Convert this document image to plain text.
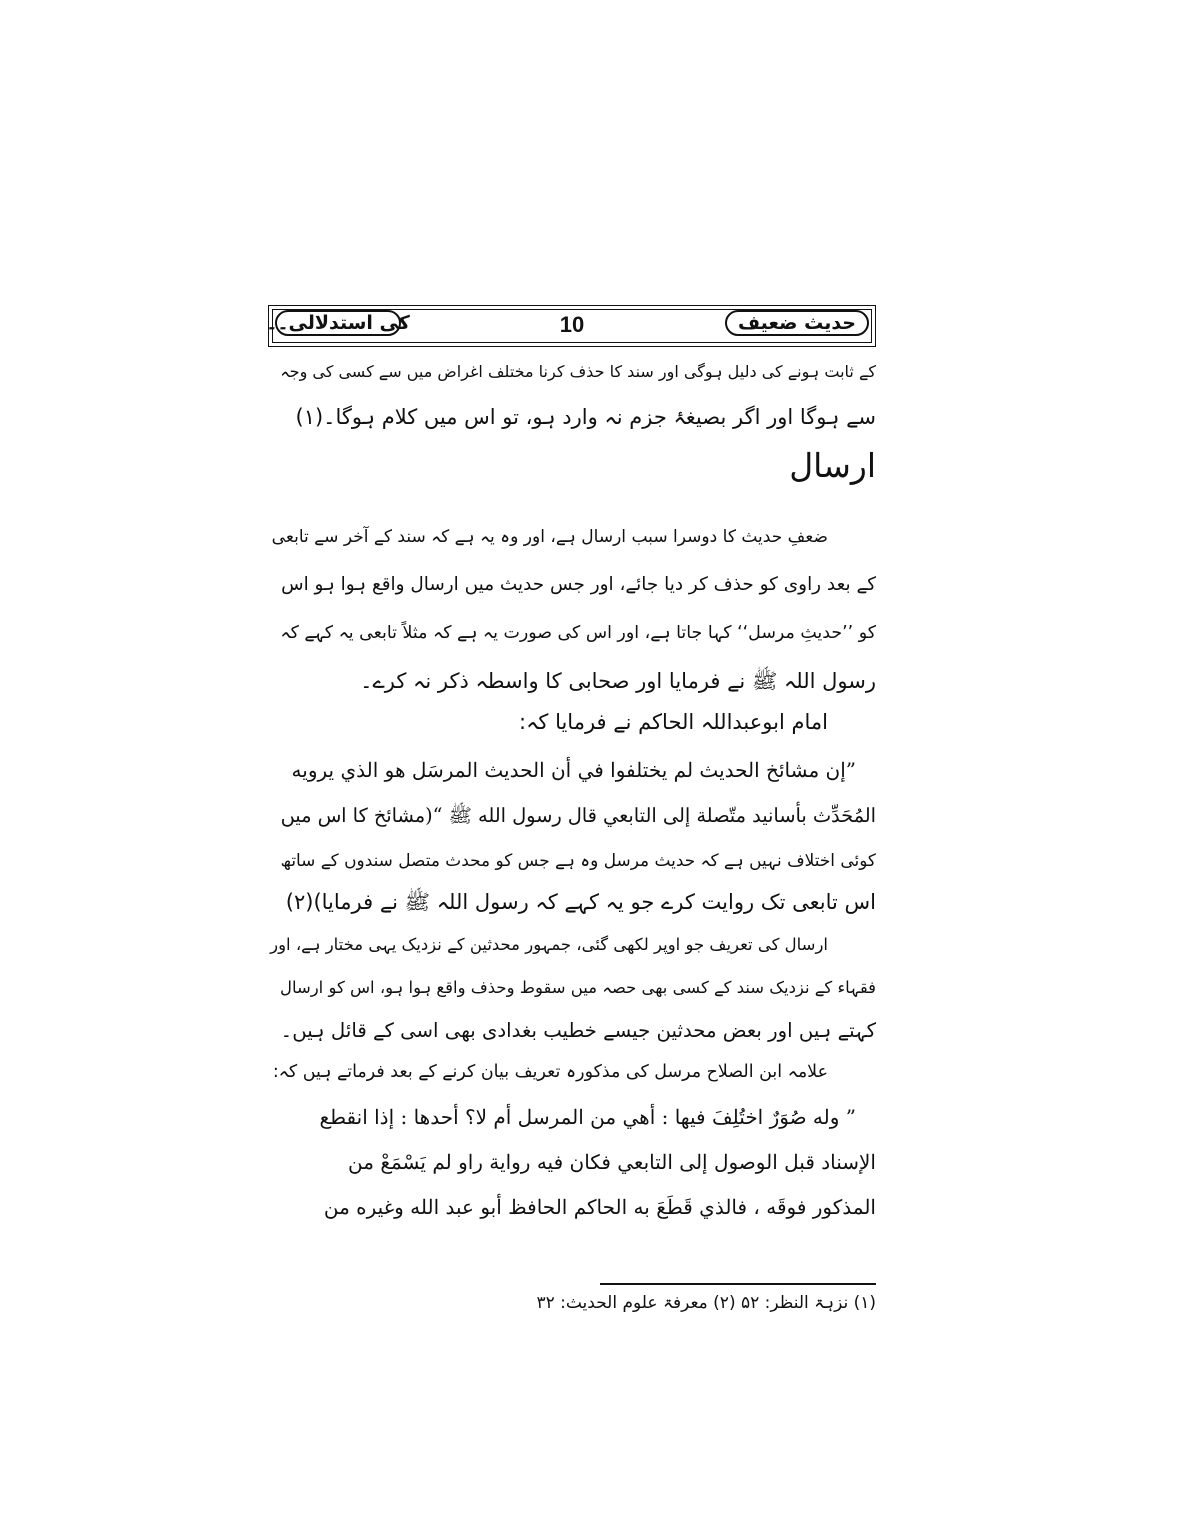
حدیث ضعیف
10
کی استدلالی۔۔
کے ثابت ہونے کی دلیل ہوگی اور سند کا حذف کرنا مختلف اغراض میں سے کسی کی وجہ
سے ہوگا اور اگر بصیغۂ جزم نہ وارد ہو، تو اس میں کلام ہوگا۔(۱)
ارسال
ضعفِ حدیث کا دوسرا سبب ارسال ہے، اور وہ یہ ہے کہ سند کے آخر سے تابعی
کے بعد راوی کو حذف کر دیا جائے، اور جس حدیث میں ارسال واقع ہوا ہو اس
کو ’’حدیثِ مرسل‘‘ کہا جاتا ہے، اور اس کی صورت یہ ہے کہ مثلاً تابعی یہ کہے کہ
رسول اللہ ﷺ نے فرمایا اور صحابی کا واسطہ ذکر نہ کرے۔
امام ابوعبداللہ الحاکم نے فرمایا کہ:
”إن مشائخ الحديث لم يختلفوا في أن الحديث المرسَل هو الذي يرويه
المُحَدِّث بأسانيد متّصلة إلى التابعي قال رسول الله ﷺ “(مشائخ کا اس میں
کوئی اختلاف نہیں ہے کہ حدیث مرسل وہ ہے جس کو محدث متصل سندوں کے ساتھ
اس تابعی تک روایت کرے جو یہ کہے کہ رسول اللہ ﷺ نے فرمایا)(۲)
ارسال کی تعریف جو اوپر لکھی گئی، جمہور محدثین کے نزدیک یہی مختار ہے، اور
فقہاء کے نزدیک سند کے کسی بھی حصہ میں سقوط وحذف واقع ہوا ہو، اس کو ارسال
کہتے ہیں اور بعض محدثین جیسے خطیب بغدادی بھی اسی کے قائل ہیں۔
علامہ ابن الصلاح مرسل کی مذکورہ تعریف بیان کرنے کے بعد فرماتے ہیں کہ:
” وله صُوَرٌ اختُلِفَ فيها : أهي من المرسل أم لا؟ أحدها : إذا انقطع
الإسناد قبل الوصول إلى التابعي فكان فيه رواية راو لم يَسْمَعْ من
المذكور فوقَه ، فالذي قَطَعَ به الحاكم الحافظ أبو عبد الله وغيره من
(۱) نزہۃ النظر: ۵۲ (۲) معرفۃ علوم الحدیث: ۳۲
